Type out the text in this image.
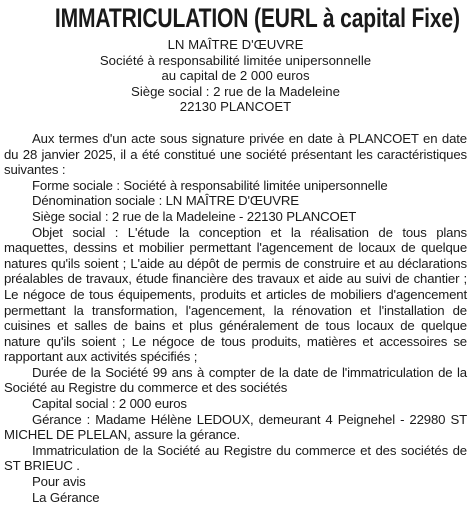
IMMATRICULATION (EURL à capital Fixe)
LN MAÎTRE D'ŒUVRE
Société à responsabilité limitée unipersonnelle
au capital de 2 000 euros
Siège social : 2 rue de la Madeleine
22130 PLANCOET

Aux termes d'un acte sous signature privée en date à PLANCOET en date du 28 janvier 2025, il a été constitué une société présentant les caractéristiques suivantes :

Forme sociale : Société à responsabilité limitée unipersonnelle

Dénomination sociale : LN MAÎTRE D'ŒUVRE

Siège social : 2 rue de la Madeleine - 22130 PLANCOET

Objet social : L'étude la conception et la réalisation de tous plans maquettes, dessins et mobilier permettant l'agencement de locaux de quelque natures qu'ils soient ; L'aide au dépôt de permis de construire et au déclarations préalables de travaux, étude financière des travaux et aide au suivi de chantier ; Le négoce de tous équipements, produits et articles de mobiliers d'agencement permettant la transformation, l'agencement, la rénovation et l'installation de cuisines et salles de bains et plus généralement de tous locaux de quelque nature qu'ils soient ; Le négoce de tous produits, matières et accessoires se rapportant aux activités spécifiés ;

Durée de la Société 99 ans à compter de la date de l'immatriculation de la Société au Registre du commerce et des sociétés

Capital social : 2 000 euros

Gérance : Madame Hélène LEDOUX, demeurant 4 Peignehel - 22980 ST MICHEL DE PLELAN, assure la gérance.

Immatriculation de la Société au Registre du commerce et des sociétés de ST BRIEUC .

Pour avis

La Gérance
